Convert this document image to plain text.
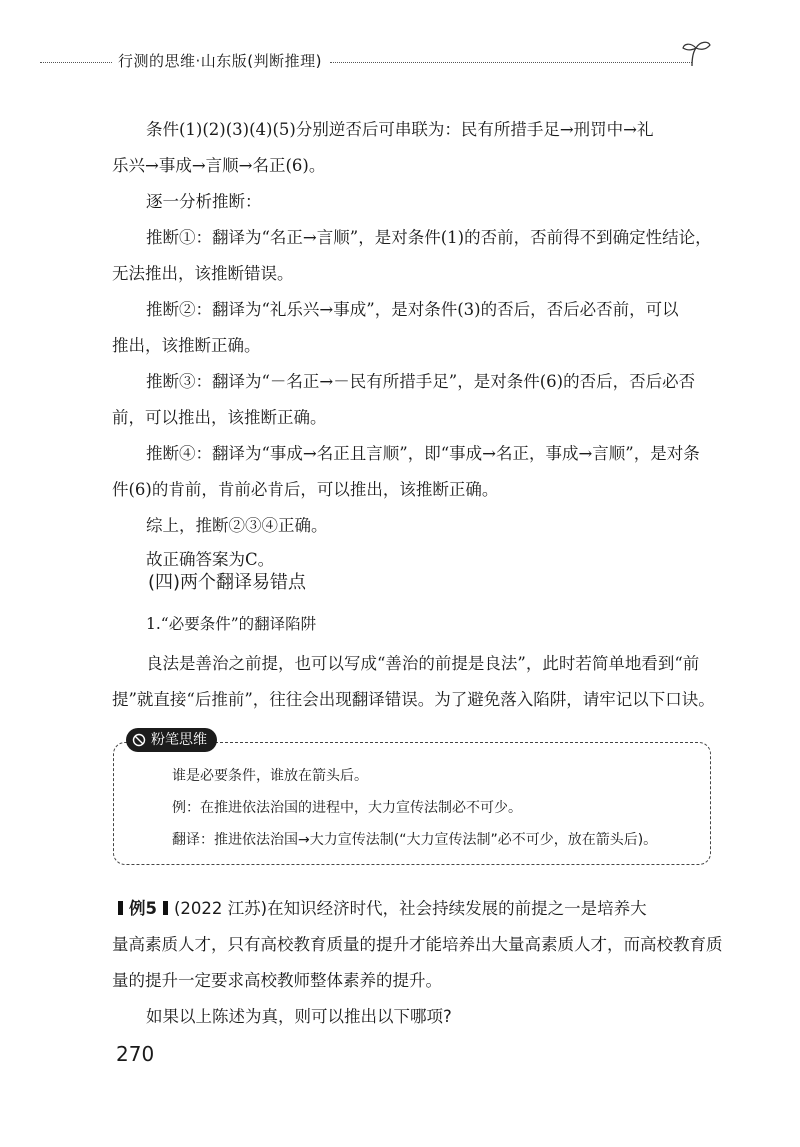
行测的思维·山东版(判断推理)
条件(1)(2)(3)(4)(5)分别逆否后可串联为：民有所措手足→刑罚中→礼
乐兴→事成→言顺→名正(6)。
逐一分析推断：
推断①：翻译为“名正→言顺”，是对条件(1)的否前，否前得不到确定性结论，
无法推出，该推断错误。
推断②：翻译为“礼乐兴→事成”，是对条件(3)的否后，否后必否前，可以
推出，该推断正确。
推断③：翻译为“－名正→－民有所措手足”，是对条件(6)的否后，否后必否
前，可以推出，该推断正确。
推断④：翻译为“事成→名正且言顺”，即“事成→名正，事成→言顺”，是对条
件(6)的肯前，肯前必肯后，可以推出，该推断正确。
综上，推断②③④正确。
故正确答案为C。
(四)两个翻译易错点
1.“必要条件”的翻译陷阱
良法是善治之前提，也可以写成“善治的前提是良法”，此时若简单地看到“前
提”就直接“后推前”，往往会出现翻译错误。为了避免落入陷阱，请牢记以下口诀。
粉笔思维
谁是必要条件，谁放在箭头后。
例：在推进依法治国的进程中，大力宣传法制必不可少。
翻译：推进依法治国→大力宣传法制(“大力宣传法制”必不可少，放在箭头后)。
例5 (2022 江苏)在知识经济时代，社会持续发展的前提之一是培养大
量高素质人才，只有高校教育质量的提升才能培养出大量高素质人才，而高校教育质
量的提升一定要求高校教师整体素养的提升。
如果以上陈述为真，则可以推出以下哪项?
270
